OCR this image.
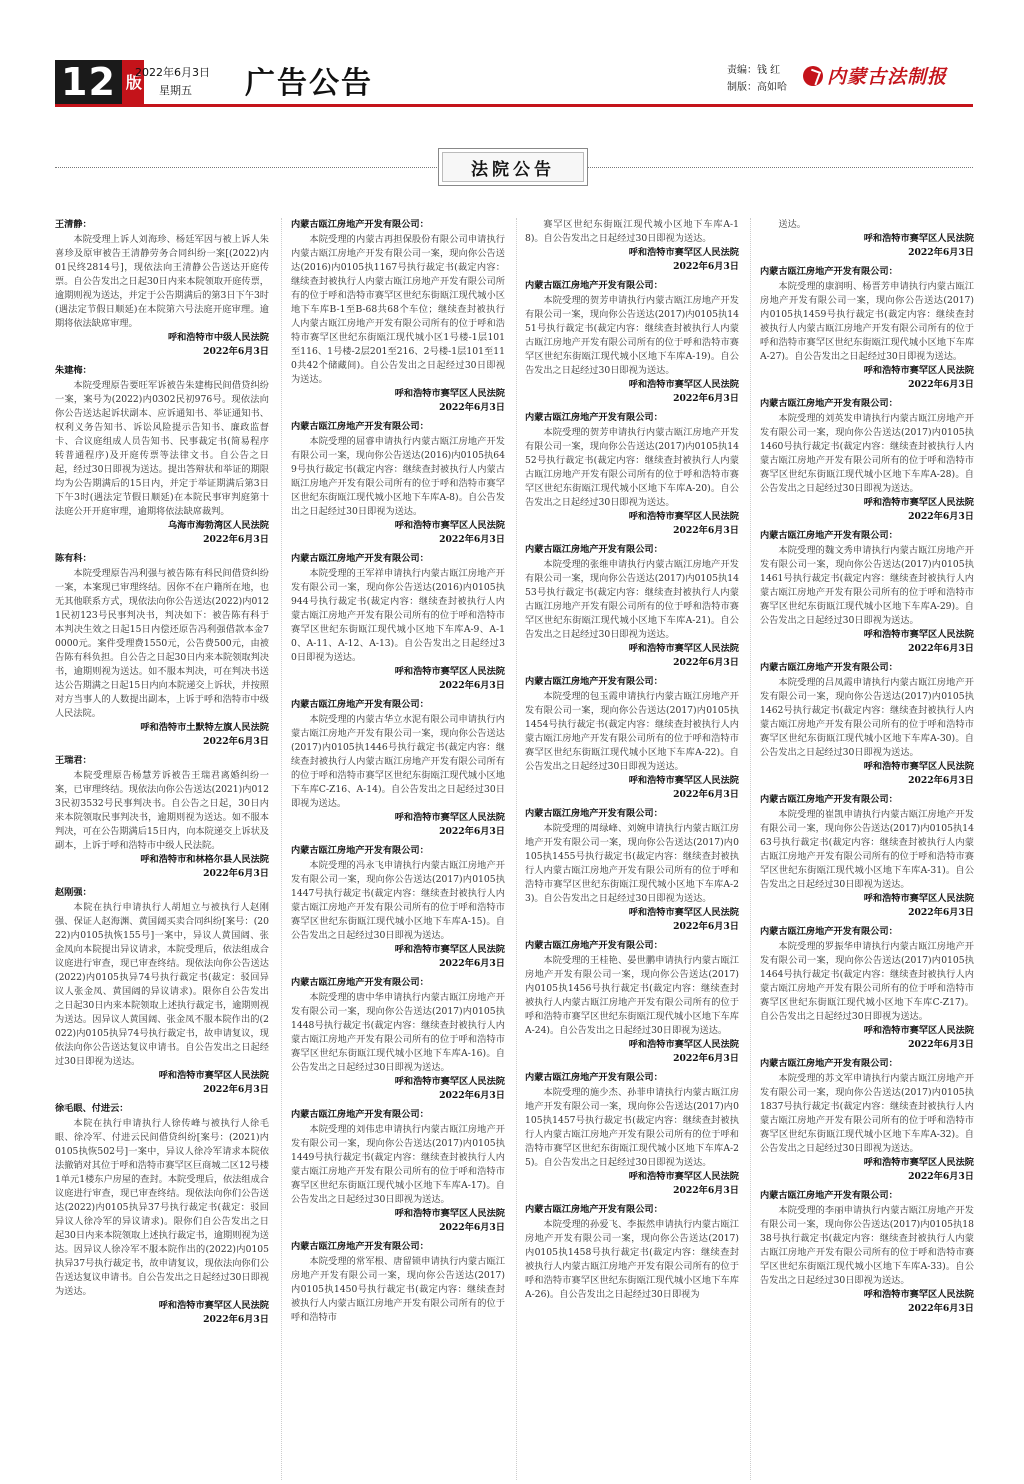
12 版
2022年6月3日
星期五	广告公告	责编：钱 红
制版：高如哈 内蒙古法制报
法院公告
王清静：
本院受理上诉人刘海珍、杨廷军因与被上诉人朱喜珍及原审被告王清静劳务合同纠纷一案[(2022)内01民终2814号]，现依法向王清静公告送达开庭传票。自公告发出之日起30日内来本院领取开庭传票，逾期则视为送达，并定于公告期满后的第3日下午3时(遇法定节假日顺延)在本院第六号法庭开庭审理。逾期将依法缺席审理。
呼和浩特市中级人民法院
2022年6月3日
朱建梅：
本院受理原告要旺军诉被告朱建梅民间借贷纠纷一案，案号为(2022)内0302民初976号。现依法向你公告送达起诉状副本、应诉通知书、举证通知书、权利义务告知书、诉讼风险提示告知书、廉政监督卡、合议庭组成人员告知书、民事裁定书(简易程序转普通程序)及开庭传票等法律文书。自公告之日起，经过30日即视为送达。提出答辩状和举证的期限均为公告期满后的15日内，并定于举证期满后第3日下午3时(遇法定节假日顺延)在本院民事审判庭第十法庭公开开庭审理，逾期将依法缺席裁判。
乌海市海勃湾区人民法院
2022年6月3日
陈有科：
本院受理原告冯利强与被告陈有科民间借贷纠纷一案，本案现已审理终结。因你不在户籍所在地，也无其他联系方式，现依法向你公告送达(2022)内0121民初123号民事判决书，判决如下：被告陈有科于本判决生效之日起15日内偿还原告冯利强借款本金70000元。案件受理费1550元，公告费500元，由被告陈有科负担。自公告之日起30日内来本院领取判决书，逾期则视为送达。如不服本判决，可在判决书送达公告期满之日起15日内向本院递交上诉状，并按照对方当事人的人数提出副本，上诉于呼和浩特市中级人民法院。
呼和浩特市土默特左旗人民法院
2022年6月3日
王瑞君：
本院受理原告杨慧芳诉被告王瑞君离婚纠纷一案，已审理终结。现依法向你公告送达(2021)内0123民初3532号民事判决书。自公告之日起，30日内来本院领取民事判决书，逾期则视为送达。如不服本判决，可在公告期满后15日内，向本院递交上诉状及副本，上诉于呼和浩特市中级人民法院。
呼和浩特市和林格尔县人民法院
2022年6月3日
赵刚强：
本院在执行申请执行人胡旭立与被执行人赵刚强、保证人赵海渊、黄国阔买卖合同纠纷[案号：(2022)内0105执恢155号]一案中，异议人黄国阔、张金凤向本院提出异议请求，本院受理后，依法组成合议庭进行审查，现已审查终结。现依法向你公告送达(2022)内0105执异74号执行裁定书(裁定：驳回异议人张金凤、黄国阔的异议请求)。限你自公告发出之日起30日内来本院领取上述执行裁定书，逾期则视为送达。因异议人黄国阔、张金凤不服本院作出的(2022)内0105执异74号执行裁定书，故申请复议，现依法向你公告送达复议申请书。自公告发出之日起经过30日即视为送达。
呼和浩特市赛罕区人民法院
2022年6月3日
徐毛眼、付进云：
本院在执行申请执行人徐传峰与被执行人徐毛眼、徐冷军、付进云民间借贷纠纷[案号：(2021)内0105执恢502号]一案中，异议人徐冷军请求本院依法撤销对其位于呼和浩特市赛罕区巨商城二区12号楼1单元1楼东户房屋的查封。本院受理后，依法组成合议庭进行审查，现已审查终结。现依法向你们公告送达(2022)内0105执异37号执行裁定书(裁定：驳回异议人徐冷军的异议请求)。限你们自公告发出之日起30日内来本院领取上述执行裁定书，逾期则视为送达。因异议人徐冷军不服本院作出的(2022)内0105执异37号执行裁定书，故申请复议，现依法向你们公告送达复议申请书。自公告发出之日起经过30日即视为送达。
呼和浩特市赛罕区人民法院
2022年6月3日
内蒙古瓯江房地产开发有限公司：
本院受理的内蒙古再担保股份有限公司申请执行内蒙古瓯江房地产开发有限公司一案，现向你公告送达(2016)内0105执1167号执行裁定书(裁定内容：继续查封被执行人内蒙古瓯江房地产开发有限公司所有的位于呼和浩特市赛罕区世纪东街瓯江现代城小区地下车库B-1至B-68共68个车位；继续查封被执行人内蒙古瓯江房地产开发有限公司所有的位于呼和浩特市赛罕区世纪东街瓯江现代城小区1号楼-1层101至116、1号楼-2层201至216、2号楼-1层101至110共42个储藏间)。自公告发出之日起经过30日即视为送达。
呼和浩特市赛罕区人民法院
2022年6月3日
内蒙古瓯江房地产开发有限公司：
本院受理的屈睿申请执行内蒙古瓯江房地产开发有限公司一案，现向你公告送达(2016)内0105执649号执行裁定书(裁定内容：继续查封被执行人内蒙古瓯江房地产开发有限公司所有的位于呼和浩特市赛罕区世纪东街瓯江现代城小区地下车库A-8)。自公告发出之日起经过30日即视为送达。
呼和浩特市赛罕区人民法院
2022年6月3日
内蒙古瓯江房地产开发有限公司：
本院受理的王军祥申请执行内蒙古瓯江房地产开发有限公司一案，现向你公告送达(2016)内0105执944号执行裁定书(裁定内容：继续查封被执行人内蒙古瓯江房地产开发有限公司所有的位于呼和浩特市赛罕区世纪东街瓯江现代城小区地下车库A-9、A-10、A-11、A-12、A-13)。自公告发出之日起经过30日即视为送达。
呼和浩特市赛罕区人民法院
2022年6月3日
内蒙古瓯江房地产开发有限公司：
本院受理的内蒙古华立水泥有限公司申请执行内蒙古瓯江房地产开发有限公司一案，现向你公告送达(2017)内0105执1446号执行裁定书(裁定内容：继续查封被执行人内蒙古瓯江房地产开发有限公司所有的位于呼和浩特市赛罕区世纪东街瓯江现代城小区地下车库C-Z16、A-14)。自公告发出之日起经过30日即视为送达。
呼和浩特市赛罕区人民法院
2022年6月3日
内蒙古瓯江房地产开发有限公司：
本院受理的冯永飞申请执行内蒙古瓯江房地产开发有限公司一案，现向你公告送达(2017)内0105执1447号执行裁定书(裁定内容：继续查封被执行人内蒙古瓯江房地产开发有限公司所有的位于呼和浩特市赛罕区世纪东街瓯江现代城小区地下车库A-15)。自公告发出之日起经过30日即视为送达。
呼和浩特市赛罕区人民法院
2022年6月3日
内蒙古瓯江房地产开发有限公司：
本院受理的唐中华申请执行内蒙古瓯江房地产开发有限公司一案，现向你公告送达(2017)内0105执1448号执行裁定书(裁定内容：继续查封被执行人内蒙古瓯江房地产开发有限公司所有的位于呼和浩特市赛罕区世纪东街瓯江现代城小区地下车库A-16)。自公告发出之日起经过30日即视为送达。
呼和浩特市赛罕区人民法院
2022年6月3日
内蒙古瓯江房地产开发有限公司：
本院受理的刘伟忠申请执行内蒙古瓯江房地产开发有限公司一案，现向你公告送达(2017)内0105执1449号执行裁定书(裁定内容：继续查封被执行人内蒙古瓯江房地产开发有限公司所有的位于呼和浩特市赛罕区世纪东街瓯江现代城小区地下车库A-17)。自公告发出之日起经过30日即视为送达。
呼和浩特市赛罕区人民法院
2022年6月3日
内蒙古瓯江房地产开发有限公司：
本院受理的常军根、唐留锁申请执行内蒙古瓯江房地产开发有限公司一案，现向你公告送达(2017)内0105执1450号执行裁定书(裁定内容：继续查封被执行人内蒙古瓯江房地产开发有限公司所有的位于呼和浩特市
赛罕区世纪东街瓯江现代城小区地下车库A-18)。自公告发出之日起经过30日即视为送达。
呼和浩特市赛罕区人民法院
2022年6月3日
内蒙古瓯江房地产开发有限公司：
本院受理的贺芳申请执行内蒙古瓯江房地产开发有限公司一案，现向你公告送达(2017)内0105执1451号执行裁定书(裁定内容：继续查封被执行人内蒙古瓯江房地产开发有限公司所有的位于呼和浩特市赛罕区世纪东街瓯江现代城小区地下车库A-19)。自公告发出之日起经过30日即视为送达。
呼和浩特市赛罕区人民法院
2022年6月3日
内蒙古瓯江房地产开发有限公司：
本院受理的贺芳申请执行内蒙古瓯江房地产开发有限公司一案，现向你公告送达(2017)内0105执1452号执行裁定书(裁定内容：继续查封被执行人内蒙古瓯江房地产开发有限公司所有的位于呼和浩特市赛罕区世纪东街瓯江现代城小区地下车库A-20)。自公告发出之日起经过30日即视为送达。
呼和浩特市赛罕区人民法院
2022年6月3日
内蒙古瓯江房地产开发有限公司：
本院受理的张维申请执行内蒙古瓯江房地产开发有限公司一案，现向你公告送达(2017)内0105执1453号执行裁定书(裁定内容：继续查封被执行人内蒙古瓯江房地产开发有限公司所有的位于呼和浩特市赛罕区世纪东街瓯江现代城小区地下车库A-21)。自公告发出之日起经过30日即视为送达。
呼和浩特市赛罕区人民法院
2022年6月3日
内蒙古瓯江房地产开发有限公司：
本院受理的包玉霞申请执行内蒙古瓯江房地产开发有限公司一案，现向你公告送达(2017)内0105执1454号执行裁定书(裁定内容：继续查封被执行人内蒙古瓯江房地产开发有限公司所有的位于呼和浩特市赛罕区世纪东街瓯江现代城小区地下车库A-22)。自公告发出之日起经过30日即视为送达。
呼和浩特市赛罕区人民法院
2022年6月3日
内蒙古瓯江房地产开发有限公司：
本院受理的周绿峰、刘婉申请执行内蒙古瓯江房地产开发有限公司一案，现向你公告送达(2017)内0105执1455号执行裁定书(裁定内容：继续查封被执行人内蒙古瓯江房地产开发有限公司所有的位于呼和浩特市赛罕区世纪东街瓯江现代城小区地下车库A-23)。自公告发出之日起经过30日即视为送达。
呼和浩特市赛罕区人民法院
2022年6月3日
内蒙古瓯江房地产开发有限公司：
本院受理的王桂艳、晏世鹏申请执行内蒙古瓯江房地产开发有限公司一案，现向你公告送达(2017)内0105执1456号执行裁定书(裁定内容：继续查封被执行人内蒙古瓯江房地产开发有限公司所有的位于呼和浩特市赛罕区世纪东街瓯江现代城小区地下车库A-24)。自公告发出之日起经过30日即视为送达。
呼和浩特市赛罕区人民法院
2022年6月3日
内蒙古瓯江房地产开发有限公司：
本院受理的施少杰、孙菲申请执行内蒙古瓯江房地产开发有限公司一案，现向你公告送达(2017)内0105执1457号执行裁定书(裁定内容：继续查封被执行人内蒙古瓯江房地产开发有限公司所有的位于呼和浩特市赛罕区世纪东街瓯江现代城小区地下车库A-25)。自公告发出之日起经过30日即视为送达。
呼和浩特市赛罕区人民法院
2022年6月3日
内蒙古瓯江房地产开发有限公司：
本院受理的孙爱飞、李振然申请执行内蒙古瓯江房地产开发有限公司一案，现向你公告送达(2017)内0105执1458号执行裁定书(裁定内容：继续查封被执行人内蒙古瓯江房地产开发有限公司所有的位于呼和浩特市赛罕区世纪东街瓯江现代城小区地下车库A-26)。自公告发出之日起经过30日即视为
送达。
呼和浩特市赛罕区人民法院
2022年6月3日
内蒙古瓯江房地产开发有限公司：
本院受理的康润明、杨晋芳申请执行内蒙古瓯江房地产开发有限公司一案，现向你公告送达(2017)内0105执1459号执行裁定书(裁定内容：继续查封被执行人内蒙古瓯江房地产开发有限公司所有的位于呼和浩特市赛罕区世纪东街瓯江现代城小区地下车库A-27)。自公告发出之日起经过30日即视为送达。
呼和浩特市赛罕区人民法院
2022年6月3日
内蒙古瓯江房地产开发有限公司：
本院受理的刘英发申请执行内蒙古瓯江房地产开发有限公司一案，现向你公告送达(2017)内0105执1460号执行裁定书(裁定内容：继续查封被执行人内蒙古瓯江房地产开发有限公司所有的位于呼和浩特市赛罕区世纪东街瓯江现代城小区地下车库A-28)。自公告发出之日起经过30日即视为送达。
呼和浩特市赛罕区人民法院
2022年6月3日
内蒙古瓯江房地产开发有限公司：
本院受理的魏文秀申请执行内蒙古瓯江房地产开发有限公司一案，现向你公告送达(2017)内0105执1461号执行裁定书(裁定内容：继续查封被执行人内蒙古瓯江房地产开发有限公司所有的位于呼和浩特市赛罕区世纪东街瓯江现代城小区地下车库A-29)。自公告发出之日起经过30日即视为送达。
呼和浩特市赛罕区人民法院
2022年6月3日
内蒙古瓯江房地产开发有限公司：
本院受理的吕凤霞申请执行内蒙古瓯江房地产开发有限公司一案，现向你公告送达(2017)内0105执1462号执行裁定书(裁定内容：继续查封被执行人内蒙古瓯江房地产开发有限公司所有的位于呼和浩特市赛罕区世纪东街瓯江现代城小区地下车库A-30)。自公告发出之日起经过30日即视为送达。
呼和浩特市赛罕区人民法院
2022年6月3日
内蒙古瓯江房地产开发有限公司：
本院受理的崔凯申请执行内蒙古瓯江房地产开发有限公司一案，现向你公告送达(2017)内0105执1463号执行裁定书(裁定内容：继续查封被执行人内蒙古瓯江房地产开发有限公司所有的位于呼和浩特市赛罕区世纪东街瓯江现代城小区地下车库A-31)。自公告发出之日起经过30日即视为送达。
呼和浩特市赛罕区人民法院
2022年6月3日
内蒙古瓯江房地产开发有限公司：
本院受理的罗振华申请执行内蒙古瓯江房地产开发有限公司一案，现向你公告送达(2017)内0105执1464号执行裁定书(裁定内容：继续查封被执行人内蒙古瓯江房地产开发有限公司所有的位于呼和浩特市赛罕区世纪东街瓯江现代城小区地下车库C-Z17)。自公告发出之日起经过30日即视为送达。
呼和浩特市赛罕区人民法院
2022年6月3日
内蒙古瓯江房地产开发有限公司：
本院受理的苏文军申请执行内蒙古瓯江房地产开发有限公司一案，现向你公告送达(2017)内0105执1837号执行裁定书(裁定内容：继续查封被执行人内蒙古瓯江房地产开发有限公司所有的位于呼和浩特市赛罕区世纪东街瓯江现代城小区地下车库A-32)。自公告发出之日起经过30日即视为送达。
呼和浩特市赛罕区人民法院
2022年6月3日
内蒙古瓯江房地产开发有限公司：
本院受理的李丽申请执行内蒙古瓯江房地产开发有限公司一案，现向你公告送达(2017)内0105执1838号执行裁定书(裁定内容：继续查封被执行人内蒙古瓯江房地产开发有限公司所有的位于呼和浩特市赛罕区世纪东街瓯江现代城小区地下车库A-33)。自公告发出之日起经过30日即视为送达。
呼和浩特市赛罕区人民法院
2022年6月3日
